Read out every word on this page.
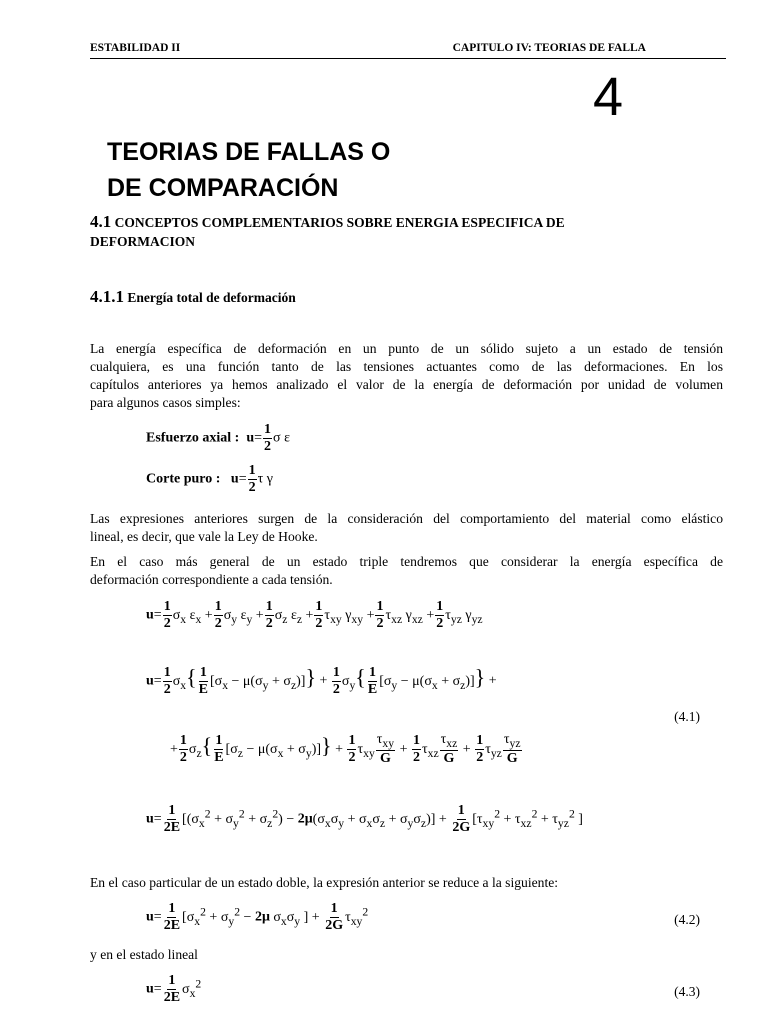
ESTABILIDAD II	CAPITULO IV: TEORIAS DE FALLA
4
TEORIAS DE FALLAS O
DE COMPARACIÓN
4.1 CONCEPTOS COMPLEMENTARIOS SOBRE ENERGIA ESPECIFICA DE
DEFORMACION
4.1.1 Energía total de deformación
La energía específica de deformación en un punto de un sólido sujeto a un estado de tensión
cualquiera, es una función tanto de las tensiones actuantes como de las deformaciones. En los
capítulos anteriores ya hemos analizado el valor de la energía de deformación por unidad de volumen
para algunos casos simples:
Esfuerzo axial :  $u= \frac{1}{2}$ σ ε
Corte puro :   $u= \frac{1}{2}$ τ γ
Las expresiones anteriores surgen de la consideración del comportamiento del material como elástico
lineal, es decir, que vale la Ley de Hooke.
En el caso más general de un estado triple tendremos que considerar la energía específica de
deformación correspondiente a cada tensión.
$u= \frac{1}{2} \sigma_x$ $\varepsilon_x + \frac{1}{2} \sigma_y$ $\varepsilon_y + \frac{1}{2} \sigma_z$ $\varepsilon_z + \frac{1}{2} \tau_{xy}$ $\gamma_{xy} + \frac{1}{2} \tau_{xz}$ $\gamma_{xz} + \frac{1}{2} \tau_{yz}$ $\gamma_{yz}$
$u= \frac{1}{2} \sigma_x\{ \frac{1}{E} [\sigma_x - \mu(\sigma_y + \sigma_z)]\} + \frac{1}{2} \sigma_y\{ \frac{1}{E} [\sigma_y - \mu(\sigma_x + \sigma_z)]\}$ +
(4.1)
+ $\frac{1}{2} \sigma_z\{ \frac{1}{E} [\sigma_z - \mu(\sigma_x + \sigma_y)]\} + \frac{1}{2} \tau_{xy}$
$\tau_{xy}$
G
+ $\frac{1}{2} \tau_{xz}$
$\tau_{xz}$
G
+ $\frac{1}{2} \tau_{yz}$
$\tau_{yz}$
G
$u= \frac{1}{2E} [(\sigma_x^2 + \sigma_y^2 + \sigma_z^2) - 2\mu(\sigma_x\sigma_y + \sigma_x\sigma_z + \sigma_y\sigma_z)] + \frac{1}{2G} [\tau_{xy}^2 + \tau_{xz}^2 + \tau_{yz}^2$ ]
En el caso particular de un estado doble, la expresión anterior se reduce a la siguiente:
$u= \frac{1}{2E} [\sigma_x^2 + \sigma_y^2 - 2\mu$ $\sigma_x\sigma_y$ ] + $\frac{1}{2G} \tau_{xy}^2$
(4.2)
y en el estado lineal
$u= \frac{1}{2E} \sigma_x^2$
(4.3)
